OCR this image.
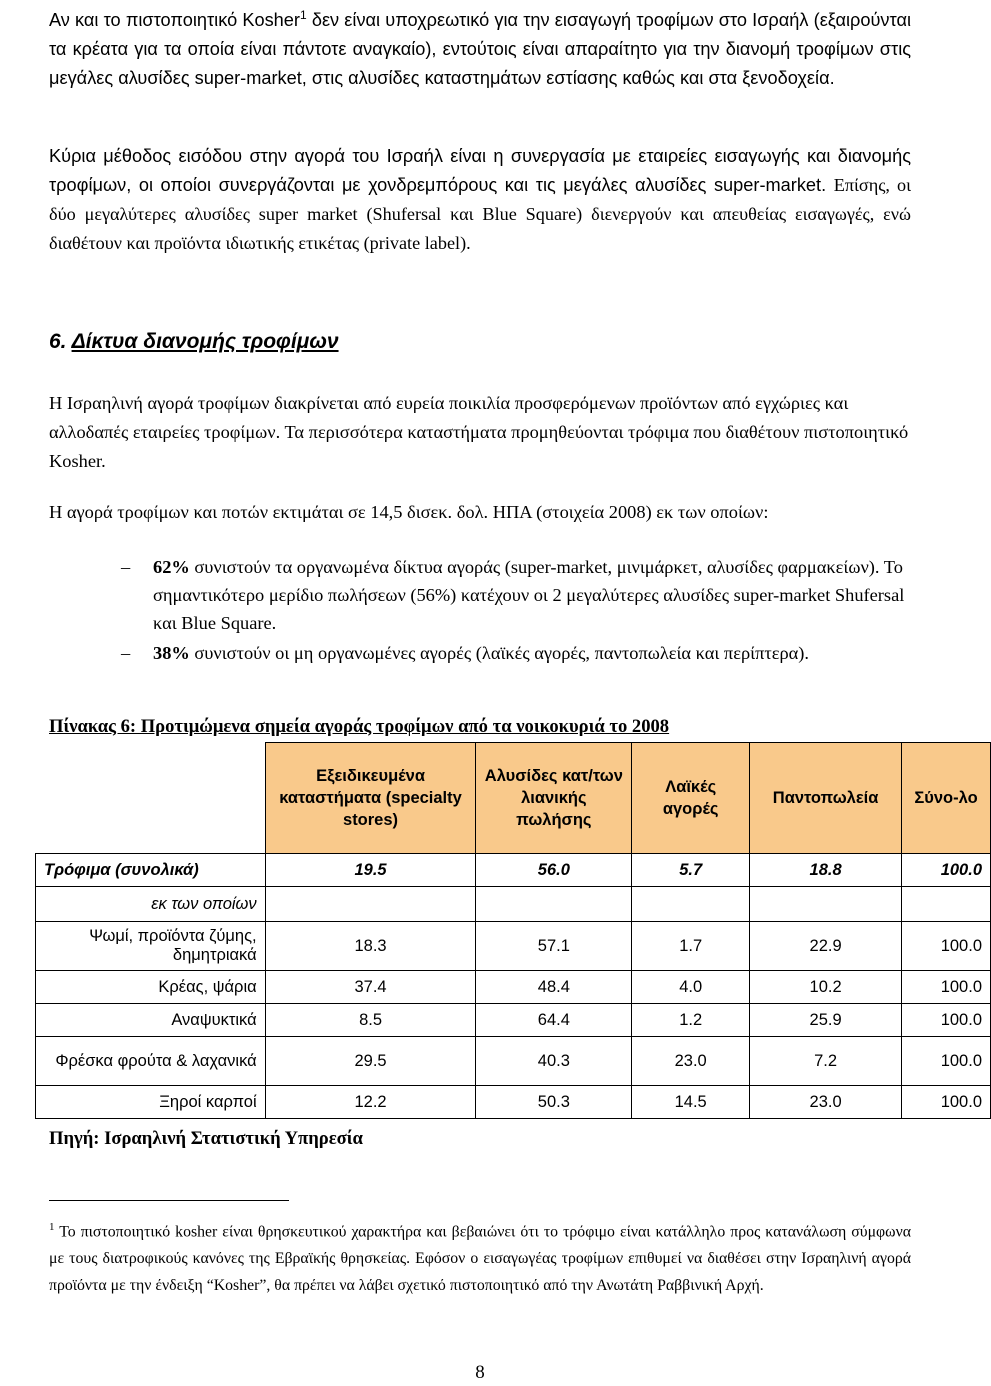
Αν και το πιστοποιητικό Kosher$^1$ δεν είναι υποχρεωτικό για την εισαγωγή τροφίμων στο Ισραήλ (εξαιρούνται τα κρέατα για τα οποία είναι πάντοτε αναγκαίο), εντούτοις είναι απαραίτητο για την διανομή τροφίμων στις μεγάλες αλυσίδες super-market, στις αλυσίδες καταστημάτων εστίασης καθώς και στα ξενοδοχεία.

Κύρια μέθοδος εισόδου στην αγορά του Ισραήλ είναι η συνεργασία με εταιρείες εισαγωγής και διανομής τροφίμων, οι οποίοι συνεργάζονται με χονδρεμπόρους και τις μεγάλες αλυσίδες super-market. Επίσης, οι δύο μεγαλύτερες αλυσίδες super market (Shufersal και Blue Square) διενεργούν και απευθείας εισαγωγές, ενώ διαθέτουν και προϊόντα ιδιωτικής ετικέτας (private label).

6. Δίκτυα διανομής τροφίμων

Η Ισραηλινή αγορά τροφίμων διακρίνεται από ευρεία ποικιλία προσφερόμενων προϊόντων από εγχώριες και αλλοδαπές εταιρείες τροφίμων. Τα περισσότερα καταστήματα προμηθεύονται τρόφιμα που διαθέτουν πιστοποιητικό Kosher.

Η αγορά τροφίμων και ποτών εκτιμάται σε 14,5 δισεκ. δολ. ΗΠΑ (στοιχεία 2008) εκ των οποίων:

– 62% συνιστούν τα οργανωμένα δίκτυα αγοράς (super-market, μινιμάρκετ, αλυσίδες φαρμακείων). Το σημαντικότερο μερίδιο πωλήσεων (56%) κατέχουν οι 2 μεγαλύτερες αλυσίδες super-market Shufersal και Blue Square.
– 38% συνιστούν οι μη οργανωμένες αγορές (λαϊκές αγορές, παντοπωλεία και περίπτερα).
Πίνακας 6: Προτιμώμενα σημεία αγοράς τροφίμων από τα νοικοκυριά το 2008
	Εξειδικευμένα καταστήματα (specialty stores)	Αλυσίδες κατ/των λιανικής πωλήσης	Λαϊκές αγορές	Παντοπωλεία	Σύνο-λο
Τρόφιμα (συνολικά)	19.5	56.0	5.7	18.8	100.0
εκ των οποίων					
Ψωμί, προϊόντα ζύμης, δημητριακά	18.3	57.1	1.7	22.9	100.0
Κρέας, ψάρια	37.4	48.4	4.0	10.2	100.0
Αναψυκτικά	8.5	64.4	1.2	25.9	100.0
Φρέσκα φρούτα & λαχανικά	29.5	40.3	23.0	7.2	100.0
Ξηροί καρποί	12.2	50.3	14.5	23.0	100.0
Πηγή: Ισραηλινή Στατιστική Υπηρεσία

$^1$ Το πιστοποιητικό kosher είναι θρησκευτικού χαρακτήρα και βεβαιώνει ότι το τρόφιμο είναι κατάλληλο προς κατανάλωση σύμφωνα με τους διατροφικούς κανόνες της Εβραϊκής θρησκείας. Εφόσον ο εισαγωγέας τροφίμων επιθυμεί να διαθέσει στην Ισραηλινή αγορά προϊόντα με την ένδειξη “Kosher”, θα πρέπει να λάβει σχετικό πιστοποιητικό από την Ανωτάτη Ραββινική Αρχή.

8
